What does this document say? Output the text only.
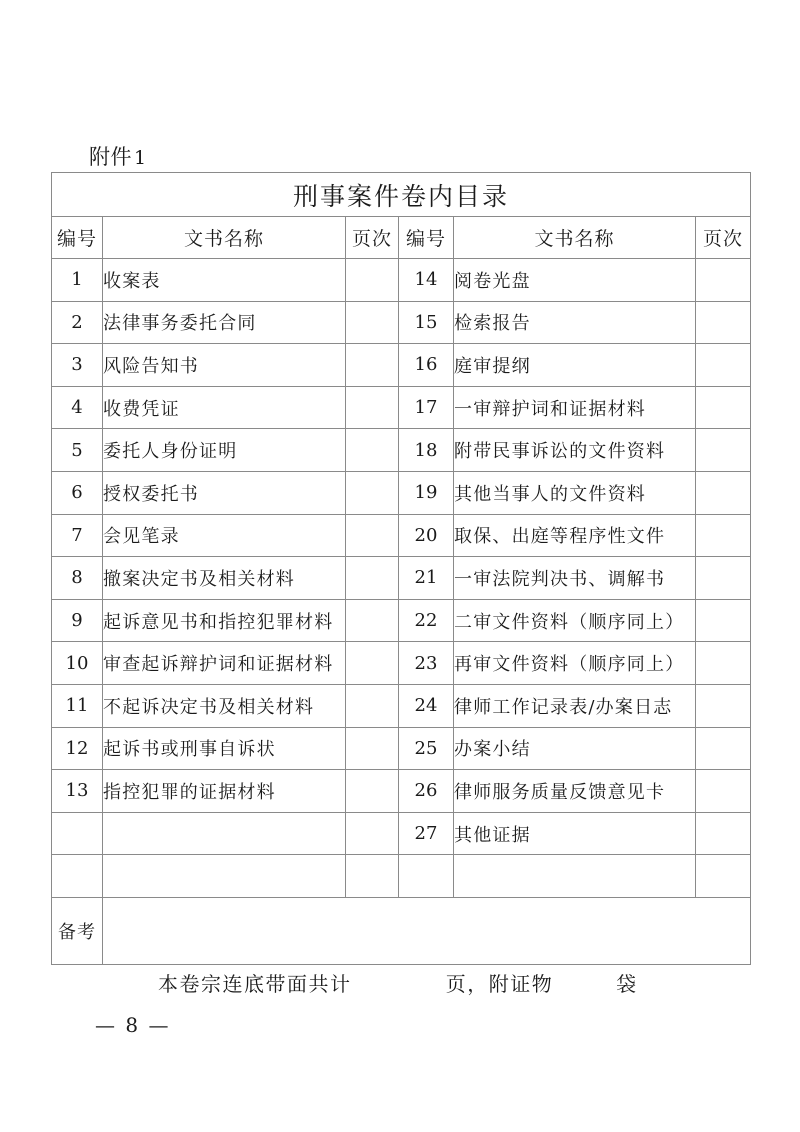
附件 1
刑事案件卷内目录					
编号	文书名称	页次	编号	文书名称	页次
1	收案表		14	阅卷光盘	
2	法律事务委托合同		15	检索报告	
3	风险告知书		16	庭审提纲	
4	收费凭证		17	一审辩护词和证据材料	
5	委托人身份证明		18	附带民事诉讼的文件资料	
6	授权委托书		19	其他当事人的文件资料	
7	会见笔录		20	取保、出庭等程序性文件	
8	撤案决定书及相关材料		21	一审法院判决书、调解书	
9	起诉意见书和指控犯罪材料		22	二审文件资料（顺序同上）	
10	审查起诉辩护词和证据材料		23	再审文件资料（顺序同上）	
11	不起诉决定书及相关材料		24	律师工作记录表/办案日志	
12	起诉书或刑事自诉状		25	办案小结	
13	指控犯罪的证据材料		26	律师服务质量反馈意见卡	
			27	其他证据	

备考					
本卷宗连底带面共计            页，附证物        袋
— 8 —
